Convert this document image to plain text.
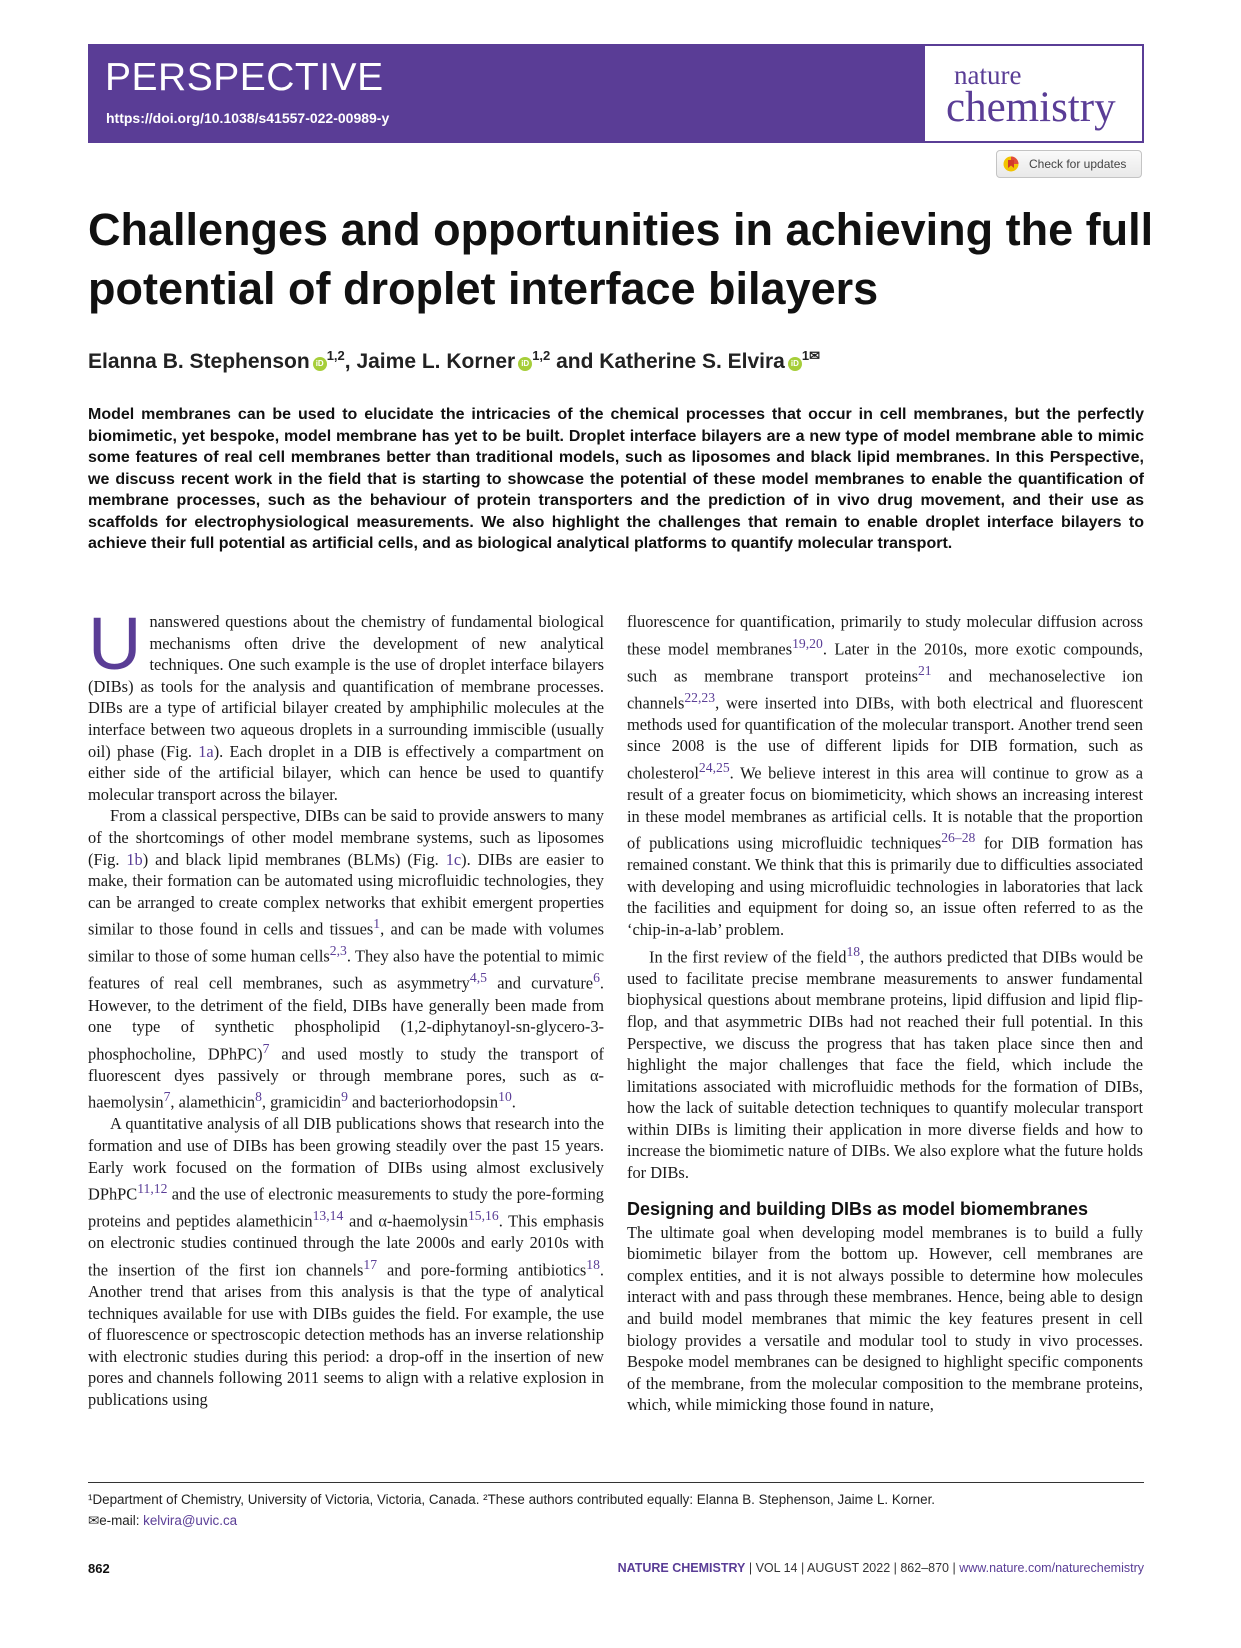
PERSPECTIVE
https://doi.org/10.1038/s41557-022-00989-y
nature
chemistry
Check for updates
Challenges and opportunities in achieving the full potential of droplet interface bilayers
Elanna B. Stephenson iD$^{1,2}$, Jaime L. Korner iD$^{1,2}$ and Katherine S. Elvira $iD^{1✉}$

Model membranes can be used to elucidate the intricacies of the chemical processes that occur in cell membranes, but the perfectly biomimetic, yet bespoke, model membrane has yet to be built. Droplet interface bilayers are a new type of model membrane able to mimic some features of real cell membranes better than traditional models, such as liposomes and black lipid membranes. In this Perspective, we discuss recent work in the field that is starting to showcase the potential of these model membranes to enable the quantification of membrane processes, such as the behaviour of protein transporters and the prediction of in vivo drug movement, and their use as scaffolds for electrophysiological measurements. We also highlight the challenges that remain to enable droplet interface bilayers to achieve their full potential as artificial cells, and as biological analytical platforms to quantify molecular transport.

Unanswered questions about the chemistry of fundamental biological mechanisms often drive the development of new analytical techniques. One such example is the use of droplet interface bilayers (DIBs) as tools for the analysis and quantification of membrane processes. DIBs are a type of artificial bilayer created by amphiphilic molecules at the interface between two aqueous droplets in a surrounding immiscible (usually oil) phase (Fig. 1a). Each droplet in a DIB is effectively a compartment on either side of the artificial bilayer, which can hence be used to quantify molecular transport across the bilayer.

From a classical perspective, DIBs can be said to provide answers to many of the shortcomings of other model membrane systems, such as liposomes (Fig. 1b) and black lipid membranes (BLMs) (Fig. 1c). DIBs are easier to make, their formation can be automated using microfluidic technologies, they can be arranged to create complex networks that exhibit emergent properties similar to those found in cells and tissues$^1$, and can be made with volumes similar to those of some human cells$^{2,3}$. They also have the potential to mimic features of real cell membranes, such as asymmetry$^{4,5}$ and curvature$^6$. However, to the detriment of the field, DIBs have generally been made from one type of synthetic phospholipid (1,2-diphytanoyl-sn-glycero-3-phosphocholine, DPhPC)$^7$ and used mostly to study the transport of fluorescent dyes passively or through membrane pores, such as α-haemolysin$^7$, alamethicin$^8$, gramicidin$^9$ and bacteriorhodopsin$^{10}$.

A quantitative analysis of all DIB publications shows that research into the formation and use of DIBs has been growing steadily over the past 15 years. Early work focused on the formation of DIBs using almost exclusively DPhPC$^{11,12}$ and the use of electronic measurements to study the pore-forming proteins and peptides alamethicin$^{13,14}$ and α-haemolysin$^{15,16}$. This emphasis on electronic studies continued through the late 2000s and early 2010s with the insertion of the first ion channels$^{17}$ and pore-forming antibiotics$^{18}$. Another trend that arises from this analysis is that the type of analytical techniques available for use with DIBs guides the field. For example, the use of fluorescence or spectroscopic detection methods has an inverse relationship with electronic studies during this period: a drop-off in the insertion of new pores and channels following 2011 seems to align with a relative explosion in publications using

fluorescence for quantification, primarily to study molecular diffusion across these model membranes$^{19,20}$. Later in the 2010s, more exotic compounds, such as membrane transport proteins$^{21}$ and mechanoselective ion channels$^{22,23}$, were inserted into DIBs, with both electrical and fluorescent methods used for quantification of the molecular transport. Another trend seen since 2008 is the use of different lipids for DIB formation, such as cholesterol$^{24,25}$. We believe interest in this area will continue to grow as a result of a greater focus on biomimeticity, which shows an increasing interest in these model membranes as artificial cells. It is notable that the proportion of publications using microfluidic techniques$^{26-28}$ for DIB formation has remained constant. We think that this is primarily due to difficulties associated with developing and using microfluidic technologies in laboratories that lack the facilities and equipment for doing so, an issue often referred to as the ‘chip-in-a-lab’ problem.

In the first review of the field$^{18}$, the authors predicted that DIBs would be used to facilitate precise membrane measurements to answer fundamental biophysical questions about membrane proteins, lipid diffusion and lipid flip-flop, and that asymmetric DIBs had not reached their full potential. In this Perspective, we discuss the progress that has taken place since then and highlight the major challenges that face the field, which include the limitations associated with microfluidic methods for the formation of DIBs, how the lack of suitable detection techniques to quantify molecular transport within DIBs is limiting their application in more diverse fields and how to increase the biomimetic nature of DIBs. We also explore what the future holds for DIBs.

Designing and building DIBs as model biomembranes

The ultimate goal when developing model membranes is to build a fully biomimetic bilayer from the bottom up. However, cell membranes are complex entities, and it is not always possible to determine how molecules interact with and pass through these membranes. Hence, being able to design and build model membranes that mimic the key features present in cell biology provides a versatile and modular tool to study in vivo processes. Bespoke model membranes can be designed to highlight specific components of the membrane, from the molecular composition to the membrane proteins, which, while mimicking those found in nature,

¹Department of Chemistry, University of Victoria, Victoria, Canada. ²These authors contributed equally: Elanna B. Stephenson, Jaime L. Korner.
✉e-mail: kelvira@uvic.ca
862	NATURE CHEMISTRY | VOL 14 | AUGUST 2022 | 862–870 | www.nature.com/naturechemistry
